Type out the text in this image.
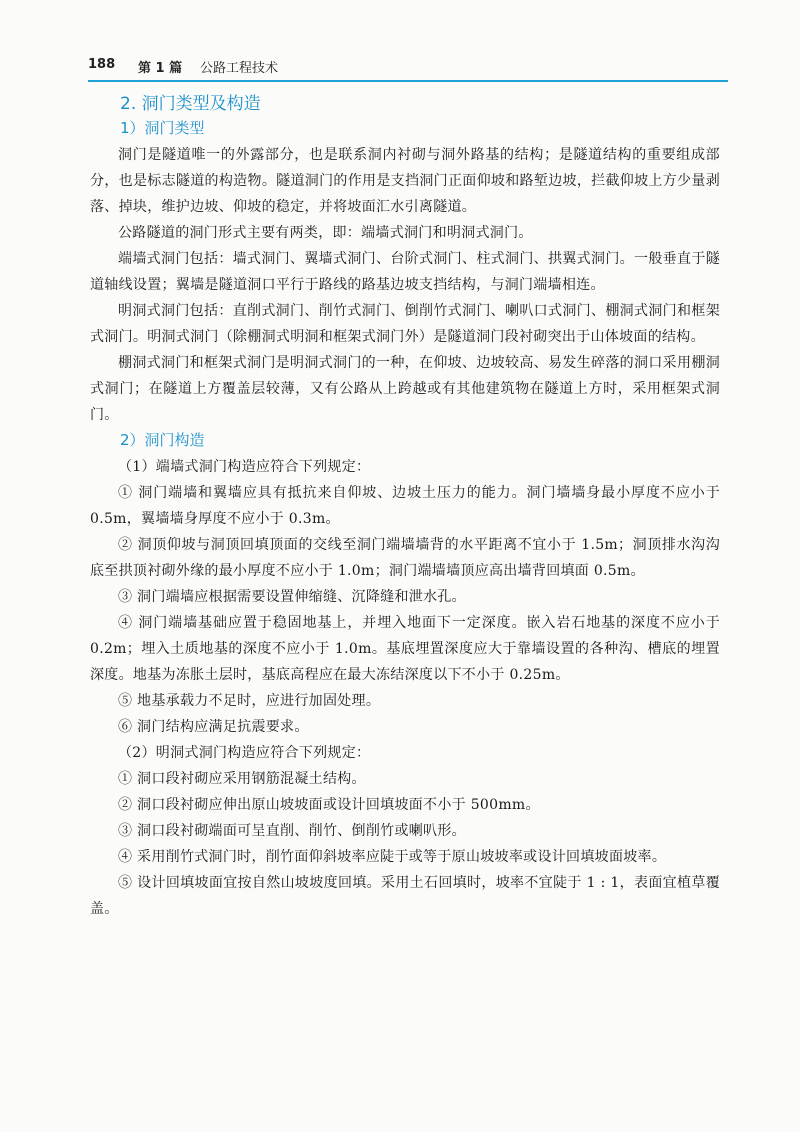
188 第 1 篇 公路工程技术
2. 洞门类型及构造
1）洞门类型

洞门是隧道唯一的外露部分，也是联系洞内衬砌与洞外路基的结构；是隧道结构的重要组成部分，也是标志隧道的构造物。隧道洞门的作用是支挡洞门正面仰坡和路堑边坡，拦截仰坡上方少量剥落、掉块，维护边坡、仰坡的稳定，并将坡面汇水引离隧道。

公路隧道的洞门形式主要有两类，即：端墙式洞门和明洞式洞门。

端墙式洞门包括：墙式洞门、翼墙式洞门、台阶式洞门、柱式洞门、拱翼式洞门。一般垂直于隧道轴线设置；翼墙是隧道洞口平行于路线的路基边坡支挡结构，与洞门端墙相连。

明洞式洞门包括：直削式洞门、削竹式洞门、倒削竹式洞门、喇叭口式洞门、棚洞式洞门和框架式洞门。明洞式洞门（除棚洞式明洞和框架式洞门外）是隧道洞门段衬砌突出于山体坡面的结构。

棚洞式洞门和框架式洞门是明洞式洞门的一种，在仰坡、边坡较高、易发生碎落的洞口采用棚洞式洞门；在隧道上方覆盖层较薄，又有公路从上跨越或有其他建筑物在隧道上方时，采用框架式洞门。

2）洞门构造

（1）端墙式洞门构造应符合下列规定：

① 洞门端墙和翼墙应具有抵抗来自仰坡、边坡土压力的能力。洞门墙墙身最小厚度不应小于 0.5m，翼墙墙身厚度不应小于 0.3m。

② 洞顶仰坡与洞顶回填顶面的交线至洞门端墙墙背的水平距离不宜小于 1.5m；洞顶排水沟沟底至拱顶衬砌外缘的最小厚度不应小于 1.0m；洞门端墙墙顶应高出墙背回填面 0.5m。

③ 洞门端墙应根据需要设置伸缩缝、沉降缝和泄水孔。

④ 洞门端墙基础应置于稳固地基上，并埋入地面下一定深度。嵌入岩石地基的深度不应小于 0.2m；埋入土质地基的深度不应小于 1.0m。基底埋置深度应大于靠墙设置的各种沟、槽底的埋置深度。地基为冻胀土层时，基底高程应在最大冻结深度以下不小于 0.25m。

⑤ 地基承载力不足时，应进行加固处理。

⑥ 洞门结构应满足抗震要求。

（2）明洞式洞门构造应符合下列规定：

① 洞口段衬砌应采用钢筋混凝土结构。

② 洞口段衬砌应伸出原山坡坡面或设计回填坡面不小于 500mm。

③ 洞口段衬砌端面可呈直削、削竹、倒削竹或喇叭形。

④ 采用削竹式洞门时，削竹面仰斜坡率应陡于或等于原山坡坡率或设计回填坡面坡率。

⑤ 设计回填坡面宜按自然山坡坡度回填。采用土石回填时，坡率不宜陡于 1 : 1，表面宜植草覆盖。
